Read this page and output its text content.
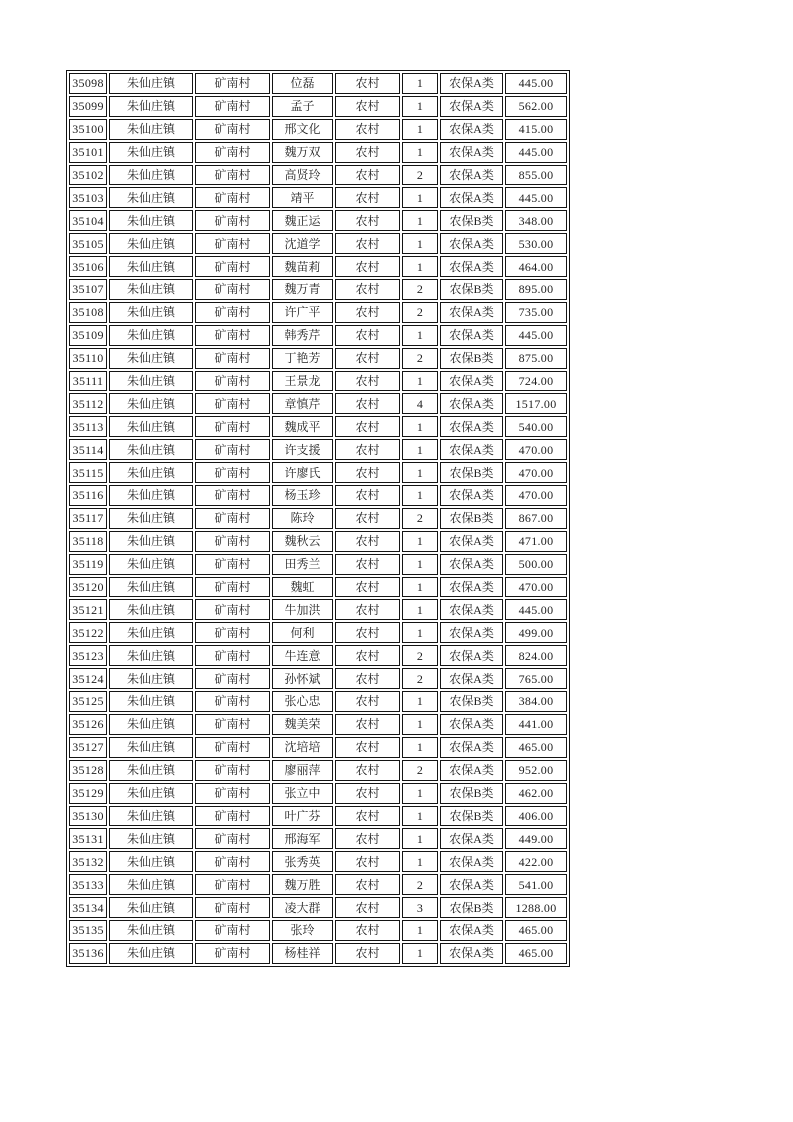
35098	朱仙庄镇	矿南村	位磊	农村	1	农保A类	445.00
35099	朱仙庄镇	矿南村	孟子	农村	1	农保A类	562.00
35100	朱仙庄镇	矿南村	邢文化	农村	1	农保A类	415.00
35101	朱仙庄镇	矿南村	魏万双	农村	1	农保A类	445.00
35102	朱仙庄镇	矿南村	高贤玲	农村	2	农保A类	855.00
35103	朱仙庄镇	矿南村	靖平	农村	1	农保A类	445.00
35104	朱仙庄镇	矿南村	魏正运	农村	1	农保B类	348.00
35105	朱仙庄镇	矿南村	沈道学	农村	1	农保A类	530.00
35106	朱仙庄镇	矿南村	魏苗莉	农村	1	农保A类	464.00
35107	朱仙庄镇	矿南村	魏万青	农村	2	农保B类	895.00
35108	朱仙庄镇	矿南村	许广平	农村	2	农保A类	735.00
35109	朱仙庄镇	矿南村	韩秀芹	农村	1	农保A类	445.00
35110	朱仙庄镇	矿南村	丁艳芳	农村	2	农保B类	875.00
35111	朱仙庄镇	矿南村	王景龙	农村	1	农保A类	724.00
35112	朱仙庄镇	矿南村	章慎芹	农村	4	农保A类	1517.00
35113	朱仙庄镇	矿南村	魏成平	农村	1	农保A类	540.00
35114	朱仙庄镇	矿南村	许支援	农村	1	农保A类	470.00
35115	朱仙庄镇	矿南村	许廖氏	农村	1	农保B类	470.00
35116	朱仙庄镇	矿南村	杨玉珍	农村	1	农保A类	470.00
35117	朱仙庄镇	矿南村	陈玲	农村	2	农保B类	867.00
35118	朱仙庄镇	矿南村	魏秋云	农村	1	农保A类	471.00
35119	朱仙庄镇	矿南村	田秀兰	农村	1	农保A类	500.00
35120	朱仙庄镇	矿南村	魏虹	农村	1	农保A类	470.00
35121	朱仙庄镇	矿南村	牛加洪	农村	1	农保A类	445.00
35122	朱仙庄镇	矿南村	何利	农村	1	农保A类	499.00
35123	朱仙庄镇	矿南村	牛连意	农村	2	农保A类	824.00
35124	朱仙庄镇	矿南村	孙怀斌	农村	2	农保A类	765.00
35125	朱仙庄镇	矿南村	张心忠	农村	1	农保B类	384.00
35126	朱仙庄镇	矿南村	魏美荣	农村	1	农保A类	441.00
35127	朱仙庄镇	矿南村	沈培培	农村	1	农保A类	465.00
35128	朱仙庄镇	矿南村	廖丽萍	农村	2	农保A类	952.00
35129	朱仙庄镇	矿南村	张立中	农村	1	农保B类	462.00
35130	朱仙庄镇	矿南村	叶广芬	农村	1	农保B类	406.00
35131	朱仙庄镇	矿南村	邢海军	农村	1	农保A类	449.00
35132	朱仙庄镇	矿南村	张秀英	农村	1	农保A类	422.00
35133	朱仙庄镇	矿南村	魏万胜	农村	2	农保A类	541.00
35134	朱仙庄镇	矿南村	凌大群	农村	3	农保B类	1288.00
35135	朱仙庄镇	矿南村	张玲	农村	1	农保A类	465.00
35136	朱仙庄镇	矿南村	杨桂祥	农村	1	农保A类	465.00
